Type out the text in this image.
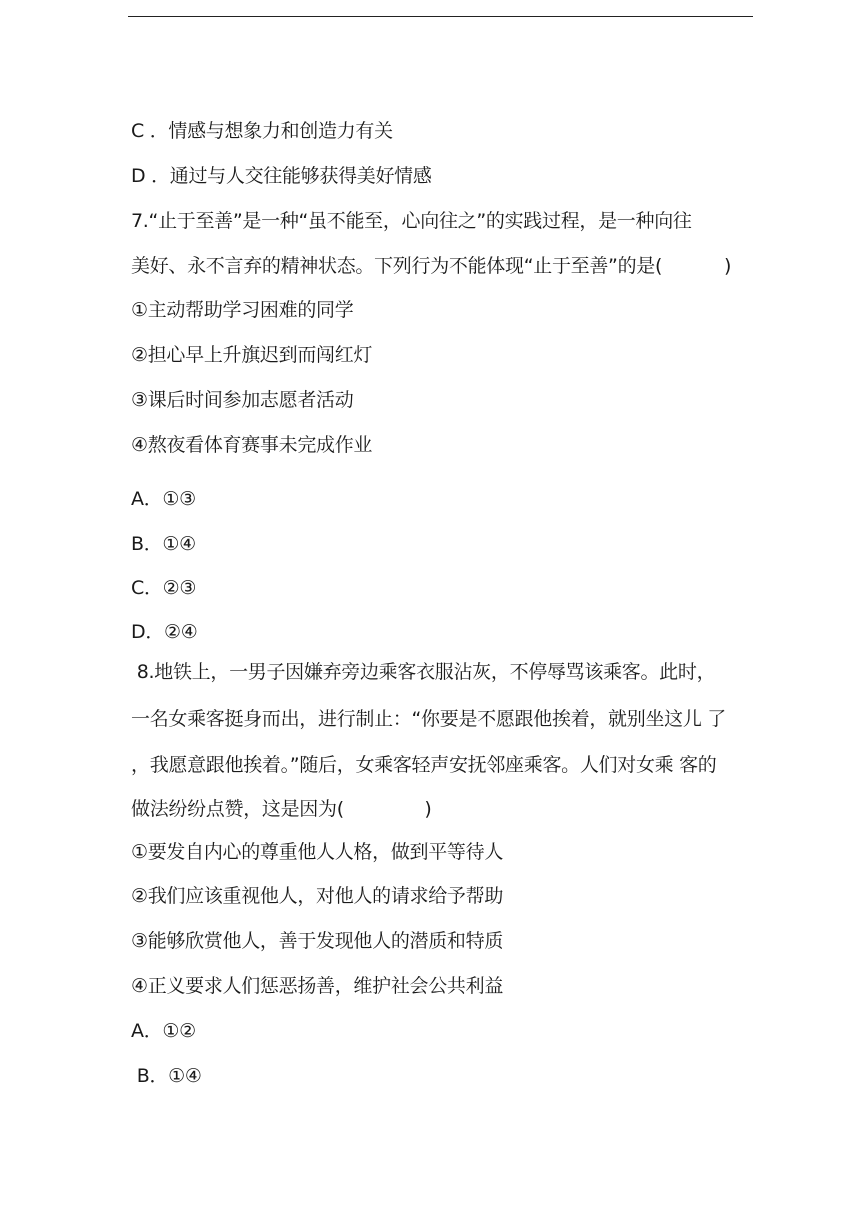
C ．情感与想象力和创造力有关
D ．通过与人交往能够获得美好情感
7.“止于至善”是一种“虽不能至，心向往之”的实践过程，是一种向往
美好、永不言弃的精神状态。下列行为不能体现“止于至善”的是(　　　 )
①主动帮助学习困难的同学
②担心早上升旗迟到而闯红灯
③课后时间参加志愿者活动
④熬夜看体育赛事未完成作业
A．①③
B．①④
C．②③
D．②④
8.地铁上，一男子因嫌弃旁边乘客衣服沾灰，不停辱骂该乘客。此时，
一名女乘客挺身而出，进行制止：“你要是不愿跟他挨着，就别坐这儿 了
，我愿意跟他挨着。”随后，女乘客轻声安抚邻座乘客。人们对女乘 客的
做法纷纷点赞，这是因为(　　　 　)
①要发自内心的尊重他人人格，做到平等待人
②我们应该重视他人，对他人的请求给予帮助
③能够欣赏他人，善于发现他人的潜质和特质
④正义要求人们惩恶扬善，维护社会公共利益
A．①②
B．①④
